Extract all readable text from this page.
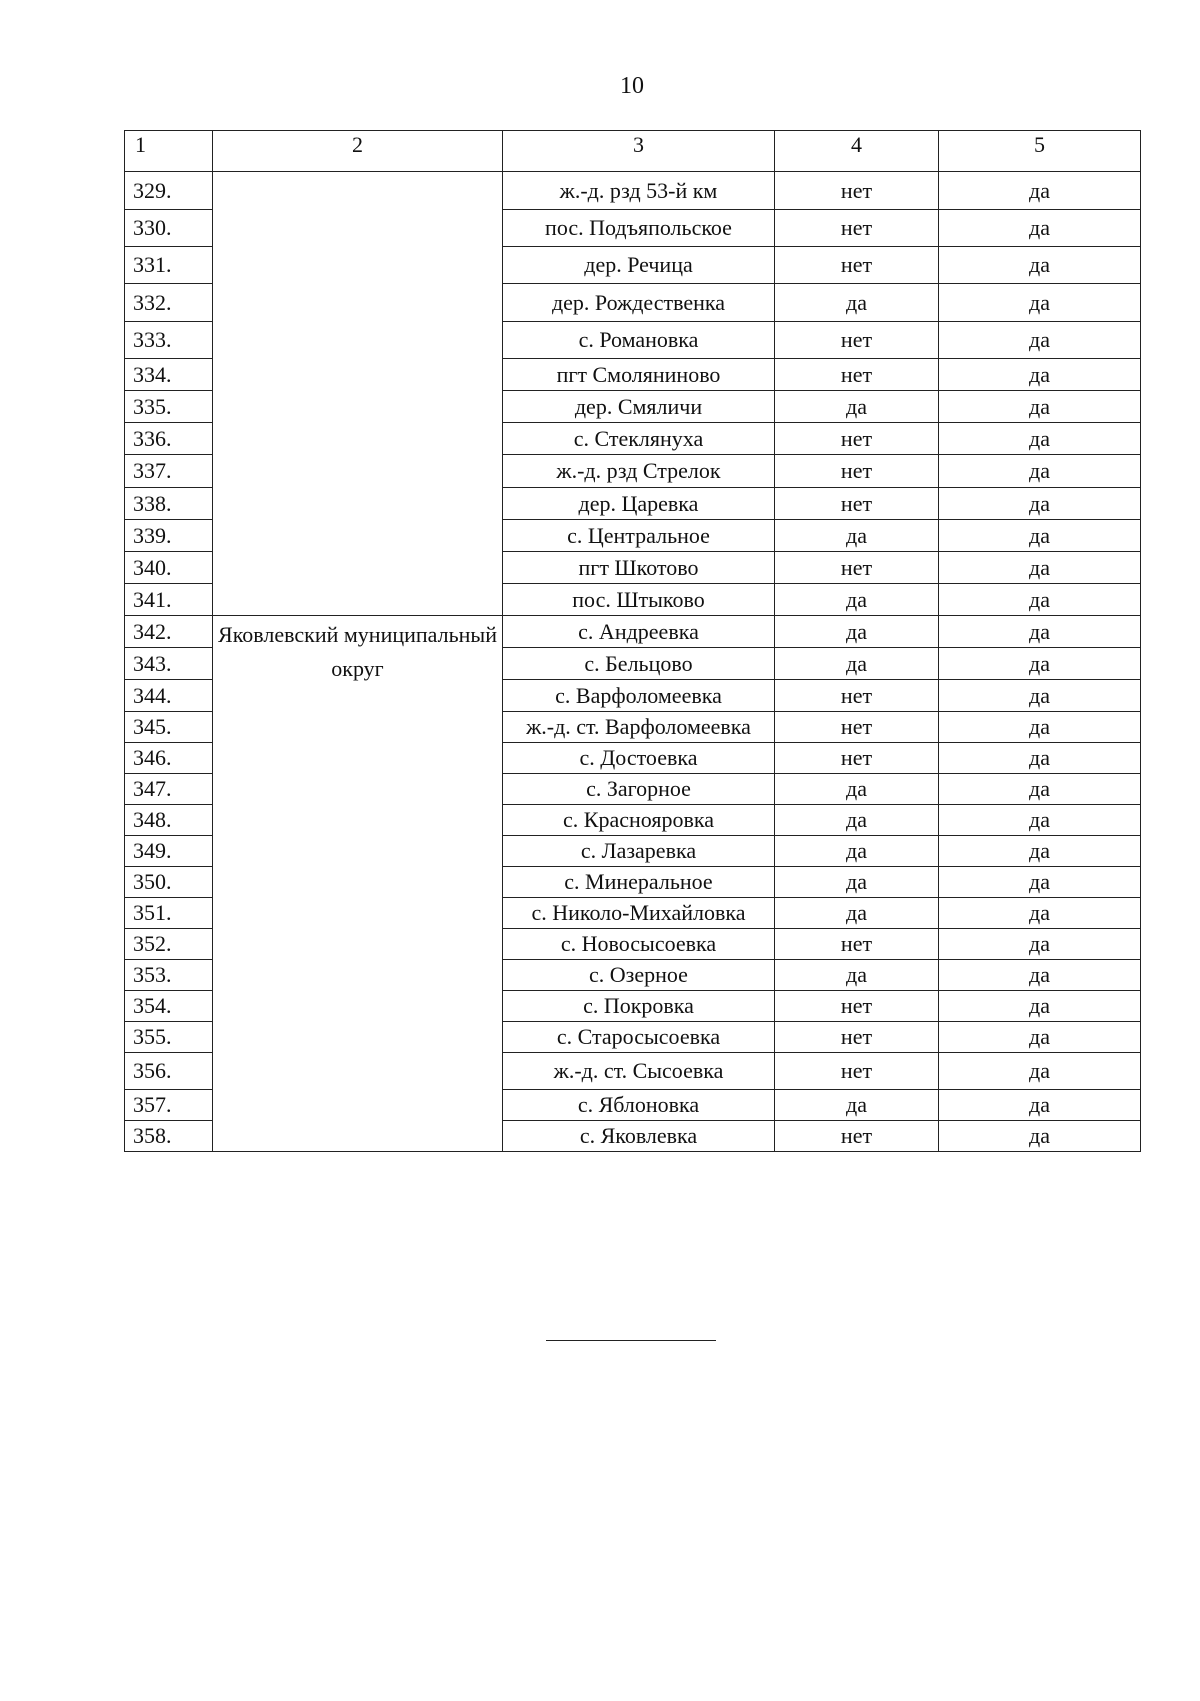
10
1	2	3	4	5
329.		ж.-д. рзд 53-й км	нет	да
330.		пос. Подъяпольское	нет	да
331.		дер. Речица	нет	да
332.		дер. Рождественка	да	да
333.		с. Романовка	нет	да
334.		пгт Смоляниново	нет	да
335.		дер. Смяличи	да	да
336.		с. Стеклянуха	нет	да
337.		ж.-д. рзд Стрелок	нет	да
338.		дер. Царевка	нет	да
339.		с. Центральное	да	да
340.		пгт Шкотово	нет	да
341.		пос. Штыково	да	да
342.	Яковлевский муниципальный округ	с. Андреевка	да	да
343.		с. Бельцово	да	да
344.		с. Варфоломеевка	нет	да
345.		ж.-д. ст. Варфоломеевка	нет	да
346.		с. Достоевка	нет	да
347.		с. Загорное	да	да
348.		с. Краснояровка	да	да
349.		с. Лазаревка	да	да
350.		с. Минеральное	да	да
351.		с. Николо-Михайловка	да	да
352.		с. Новосысоевка	нет	да
353.		с. Озерное	да	да
354.		с. Покровка	нет	да
355.		с. Старосысоевка	нет	да
356.		ж.-д. ст. Сысоевка	нет	да
357.		с. Яблоновка	да	да
358.		с. Яковлевка	нет	да
